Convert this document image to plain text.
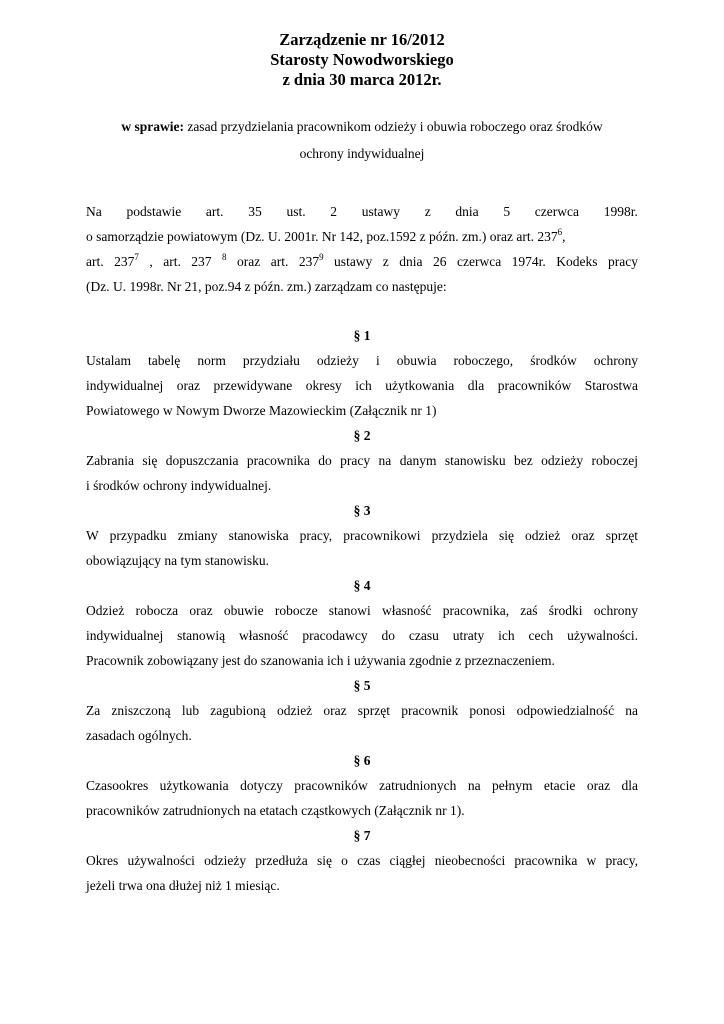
Zarządzenie nr 16/2012
Starosty Nowodworskiego
z dnia 30 marca 2012r.
w sprawie: zasad przydzielania pracownikom odzieży i obuwia roboczego oraz środków
ochrony indywidualnej
Na podstawie art. 35 ust. 2 ustawy z dnia 5 czerwca 1998r.
o samorządzie powiatowym (Dz. U. 2001r. Nr 142, poz.1592 z późn. zm.) oraz art. $237^6$,
art. $237^7$ , art. 237 $^8$ oraz art. $237^9$ ustawy z dnia 26 czerwca 1974r. Kodeks pracy
(Dz. U. 1998r. Nr 21, poz.94 z późn. zm.) zarządzam co następuje:
§ 1
Ustalam tabelę norm przydziału odzieży i obuwia roboczego, środków ochrony
indywidualnej oraz przewidywane okresy ich użytkowania dla pracowników Starostwa
Powiatowego w Nowym Dworze Mazowieckim (Załącznik nr 1)
§ 2
Zabrania się dopuszczania pracownika do pracy na danym stanowisku bez odzieży roboczej
i środków ochrony indywidualnej.
§ 3
W przypadku zmiany stanowiska pracy, pracownikowi przydziela się odzież oraz sprzęt
obowiązujący na tym stanowisku.
§ 4
Odzież robocza oraz obuwie robocze stanowi własność pracownika, zaś środki ochrony
indywidualnej stanowią własność pracodawcy do czasu utraty ich cech używalności.
Pracownik zobowiązany jest do szanowania ich i używania zgodnie z przeznaczeniem.
§ 5
Za zniszczoną lub zagubioną odzież oraz sprzęt pracownik ponosi odpowiedzialność na
zasadach ogólnych.
§ 6
Czasookres użytkowania dotyczy pracowników zatrudnionych na pełnym etacie oraz dla
pracowników zatrudnionych na etatach cząstkowych (Załącznik nr 1).
§ 7
Okres używalności odzieży przedłuża się o czas ciągłej nieobecności pracownika w pracy,
jeżeli trwa ona dłużej niż 1 miesiąc.
